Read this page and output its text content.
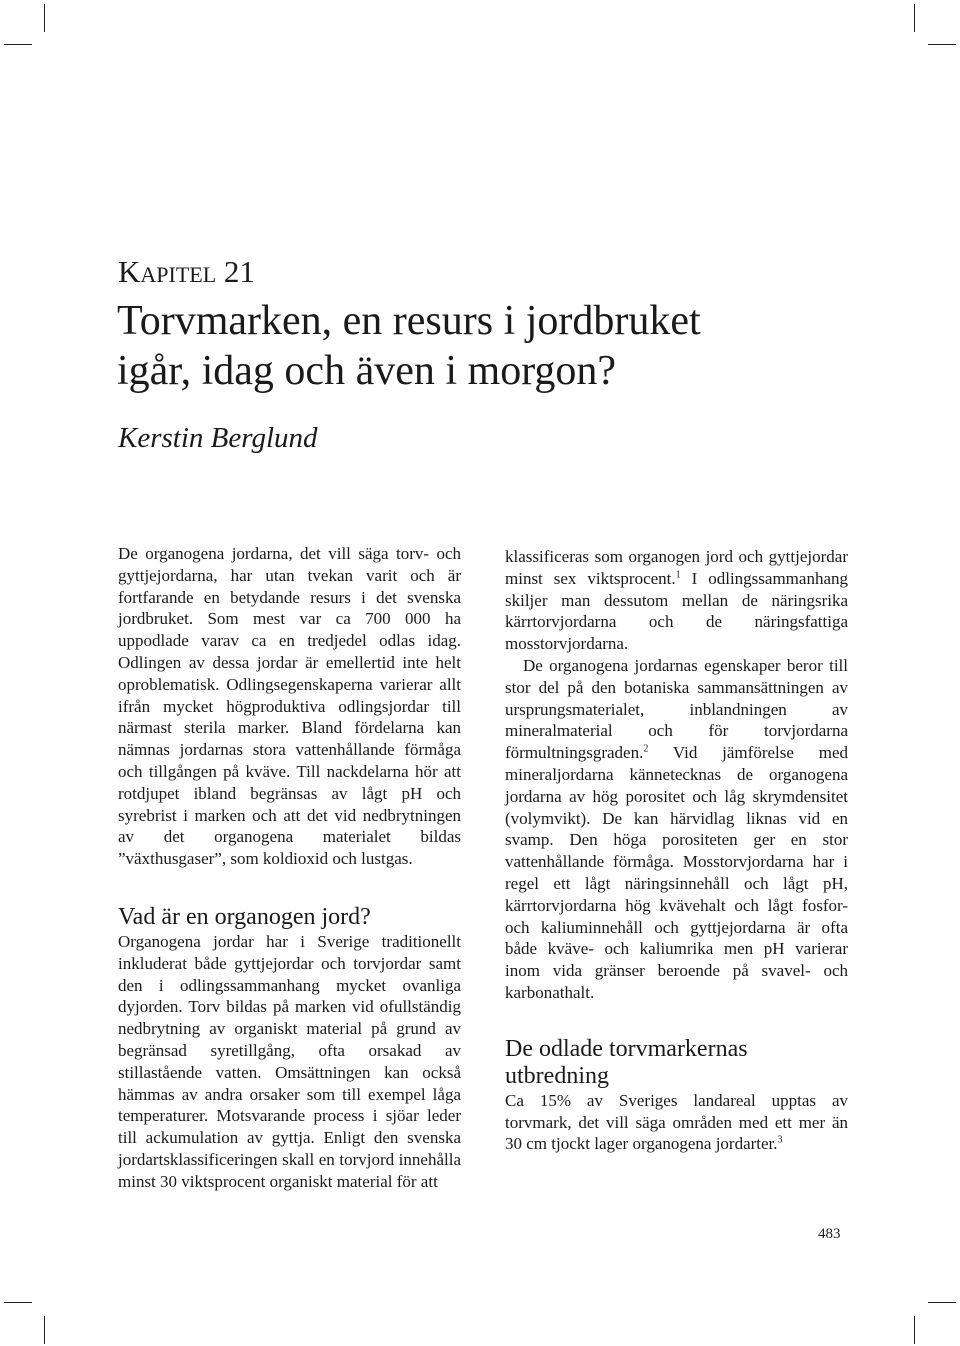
Kapitel 21
Torvmarken, en resurs i jordbruket
igår, idag och även i morgon?
Kerstin Berglund

De organogena jordarna, det vill säga torv- och gyttjejordarna, har utan tvekan varit och är fortfarande en betydande resurs i det svenska jordbruket. Som mest var ca 700 000 ha uppodlade varav ca en tredjedel odlas idag. Odlingen av dessa jordar är emellertid inte helt oproblematisk. Odlingsegenskaperna varierar allt ifrån mycket högproduktiva odlingsjordar till närmast sterila marker. Bland fördelarna kan nämnas jordarnas stora vattenhållande förmåga och tillgången på kväve. Till nackdelarna hör att rotdjupet ibland begränsas av lågt pH och syrebrist i marken och att det vid nedbrytningen av det organogena materialet bildas ”växthusgaser”, som koldioxid och lustgas.

Vad är en organogen jord?

Organogena jordar har i Sverige traditionellt inkluderat både gyttjejordar och torvjordar samt den i odlingssammanhang mycket ovanliga dyjorden. Torv bildas på marken vid ofullständig nedbrytning av organiskt material på grund av begränsad syretillgång, ofta orsakad av stillastående vatten. Omsättningen kan också hämmas av andra orsaker som till exempel låga temperaturer. Motsvarande process i sjöar leder till ackumulation av gyttja. Enligt den svenska jordartsklassificeringen skall en torvjord innehålla minst 30 viktsprocent organiskt material för att

klassificeras som organogen jord och gyttjejordar minst sex viktsprocent.$^1$ I odlingssammanhang skiljer man dessutom mellan de näringsrika kärrtorvjordarna och de näringsfattiga mosstorvjordarna.

De organogena jordarnas egenskaper beror till stor del på den botaniska sammansättningen av ursprungsmaterialet, inblandningen av mineralmaterial och för torvjordarna förmultningsgraden.$^2$ Vid jämförelse med mineraljordarna kännetecknas de organogena jordarna av hög porositet och låg skrymdensitet (volymvikt). De kan härvidlag liknas vid en svamp. Den höga porositeten ger en stor vattenhållande förmåga. Mosstorvjordarna har i regel ett lågt näringsinnehåll och lågt pH, kärrtorvjordarna hög kvävehalt och lågt fosfor- och kaliuminnehåll och gyttjejordarna är ofta både kväve- och kaliumrika men pH varierar inom vida gränser beroende på svavel- och karbonathalt.

De odlade torvmarkernas utbredning

Ca 15% av Sveriges landareal upptas av torvmark, det vill säga områden med ett mer än 30 cm tjockt lager organogena jordarter.$^3$

483
